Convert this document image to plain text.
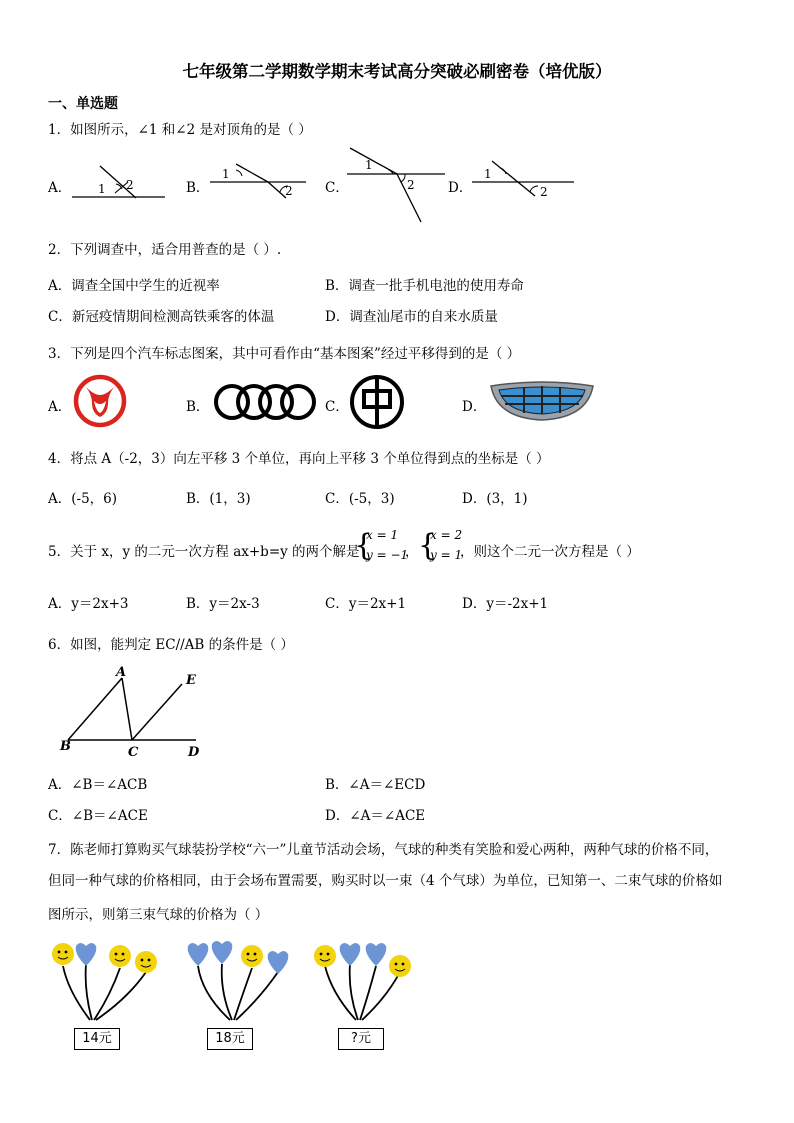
七年级第二学期数学期末考试高分突破必刷密卷（培优版）
一、单选题
1．如图所示，∠1 和∠2 是对顶角的是（ ）
A．	B．	C．	D．
1 2
1
2
1
2
1
2
2．下列调查中，适合用普查的是（ ）.
A．调查全国中学生的近视率	B．调查一批手机电池的使用寿命
C．新冠疫情期间检测高铁乘客的体温	D．调查汕尾市的自来水质量
3．下列是四个汽车标志图案，其中可看作由“基本图案”经过平移得到的是（ ）
A．	B．	C．	D．
4．将点 A（-2，3）向左平移 3 个单位，再向上平移 3 个单位得到点的坐标是（ ）
A．(-5，6)	B．(1，3)	C．(-5，3)	D．(3，1)
5．关于 x，y 的二元一次方程 ax+b=y 的两个解是
{
x = 1
y = −1
， {
x = 2
y = 1
，则这个二元一次方程是（ ）
A．y＝2x+3	B．y＝2x-3	C．y＝2x+1	D．y＝-2x+1
6．如图，能判定 EC//AB 的条件是（ ）
A
B	C	D
E
A．∠B＝∠ACB	B．∠A＝∠ECD
C．∠B＝∠ACE	D．∠A＝∠ACE
7．陈老师打算购买气球装扮学校“六一”儿童节活动会场，气球的种类有笑脸和爱心两种，两种气球的价格不同，
但同一种气球的价格相同，由于会场布置需要，购买时以一束（4 个气球）为单位，已知第一、二束气球的价格如
图所示，则第三束气球的价格为（ ）
14元	18元	?元
